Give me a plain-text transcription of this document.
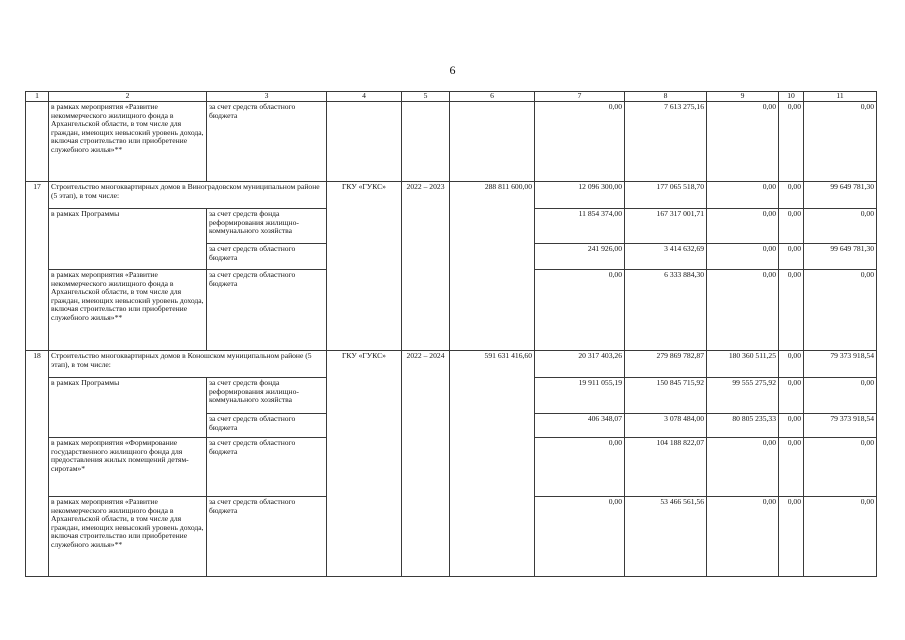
6
1	2	3	4	5	6	7	8	9	10	11
	в рамках мероприятия «Развитие некоммерческого жилищного фонда в Архангельской области, в том числе для граждан, имеющих невысокий уровень дохода, включая строительство или приобретение служебного жилья»**	за счет средств областного бюджета				0,00	7 613 275,16	0,00	0,00	0,00
17	Строительство многоквартирных домов в Виноградовском муниципальном районе (5 этап), в том числе:		ГКУ «ГУКС»	2022 – 2023	288 811 600,00	12 096 300,00	177 065 518,70	0,00	0,00	99 649 781,30
	в рамках Программы	за счет средств фонда реформирования жилищно-коммунального хозяйства				11 854 374,00	167 317 001,71	0,00	0,00	0,00
		за счет средств областного бюджета				241 926,00	3 414 632,69	0,00	0,00	99 649 781,30
	в рамках мероприятия «Развитие некоммерческого жилищного фонда в Архангельской области, в том числе для граждан, имеющих невысокий уровень дохода, включая строительство или приобретение служебного жилья»**	за счет средств областного бюджета				0,00	6 333 884,30	0,00	0,00	0,00
18	Строительство многоквартирных домов в Коношском муниципальном районе (5 этап), в том числе:		ГКУ «ГУКС»	2022 – 2024	591 631 416,60	20 317 403,26	279 869 782,87	180 360 511,25	0,00	79 373 918,54
	в рамках Программы	за счет средств фонда реформирования жилищно-коммунального хозяйства				19 911 055,19	150 845 715,92	99 555 275,92	0,00	0,00
		за счет средств областного бюджета				406 348,07	3 078 484,00	80 805 235,33	0,00	79 373 918,54
	в рамках мероприятия «Формирование государственного жилищного фонда для предоставления жилых помещений детям-сиротам»*	за счет средств областного бюджета				0,00	104 188 822,07	0,00	0,00	0,00
	в рамках мероприятия «Развитие некоммерческого жилищного фонда в Архангельской области, в том числе для граждан, имеющих невысокий уровень дохода, включая строительство или приобретение служебного жилья»**	за счет средств областного бюджета				0,00	53 466 561,56	0,00	0,00	0,00
